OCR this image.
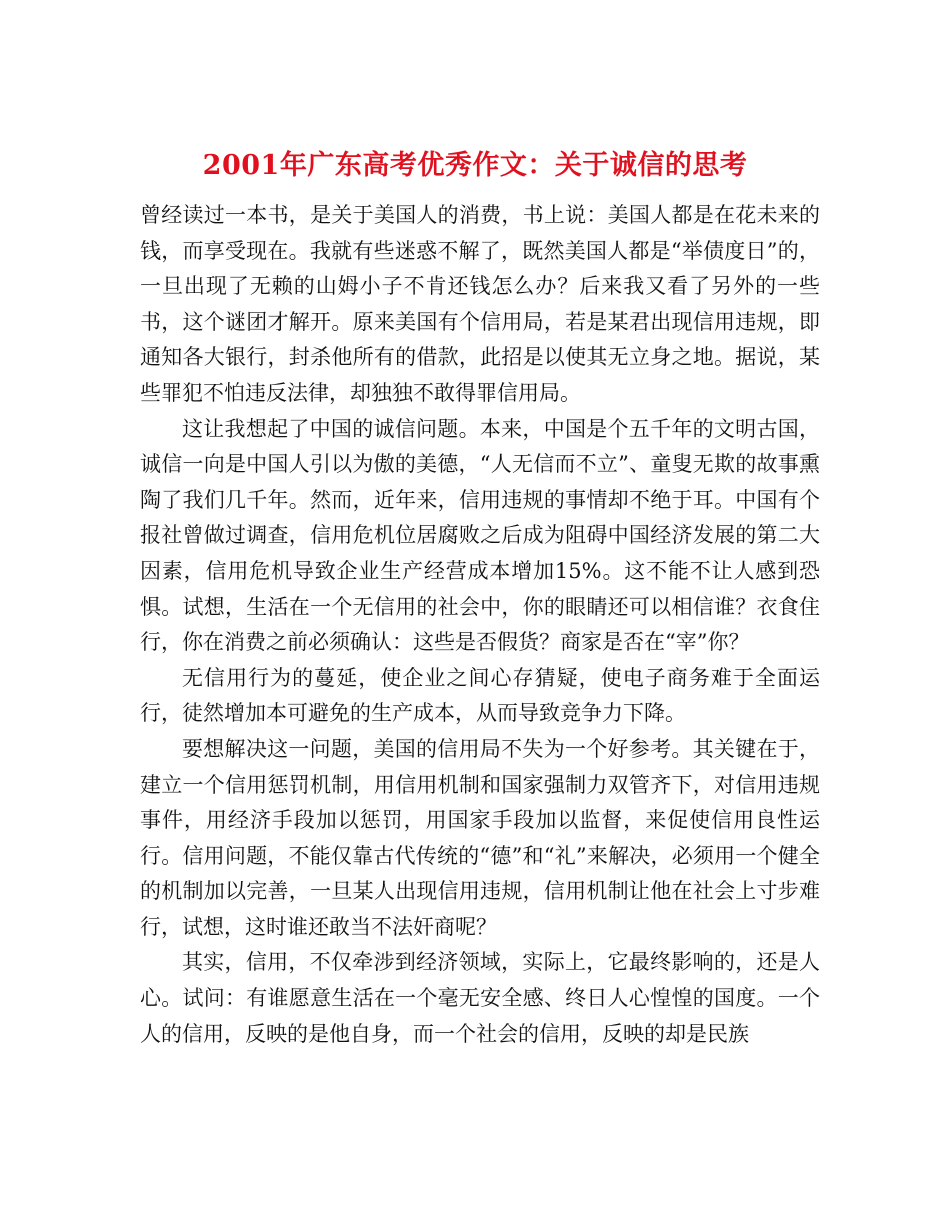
2001年广东高考优秀作文：关于诚信的思考

曾经读过一本书，是关于美国人的消费，书上说：美国人都是在花未来的钱，而享受现在。我就有些迷惑不解了，既然美国人都是“举债度日”的，一旦出现了无赖的山姆小子不肯还钱怎么办？后来我又看了另外的一些书，这个谜团才解开。原来美国有个信用局，若是某君出现信用违规，即通知各大银行，封杀他所有的借款，此招是以使其无立身之地。据说，某些罪犯不怕违反法律，却独独不敢得罪信用局。

这让我想起了中国的诚信问题。本来，中国是个五千年的文明古国，诚信一向是中国人引以为傲的美德，“人无信而不立”、童叟无欺的故事熏陶了我们几千年。然而，近年来，信用违规的事情却不绝于耳。中国有个报社曾做过调查，信用危机位居腐败之后成为阻碍中国经济发展的第二大因素，信用危机导致企业生产经营成本增加15%。这不能不让人感到恐惧。试想，生活在一个无信用的社会中，你的眼睛还可以相信谁？衣食住行，你在消费之前必须确认：这些是否假货？商家是否在“宰”你？

无信用行为的蔓延，使企业之间心存猜疑，使电子商务难于全面运行，徒然增加本可避免的生产成本，从而导致竞争力下降。

要想解决这一问题，美国的信用局不失为一个好参考。其关键在于，建立一个信用惩罚机制，用信用机制和国家强制力双管齐下，对信用违规事件，用经济手段加以惩罚，用国家手段加以监督，来促使信用良性运行。信用问题，不能仅靠古代传统的“德”和“礼”来解决，必须用一个健全的机制加以完善，一旦某人出现信用违规，信用机制让他在社会上寸步难行，试想，这时谁还敢当不法奸商呢？

其实，信用，不仅牵涉到经济领域，实际上，它最终影响的，还是人心。试问：有谁愿意生活在一个毫无安全感、终日人心惶惶的国度。一个人的信用，反映的是他自身，而一个社会的信用，反映的却是民族
